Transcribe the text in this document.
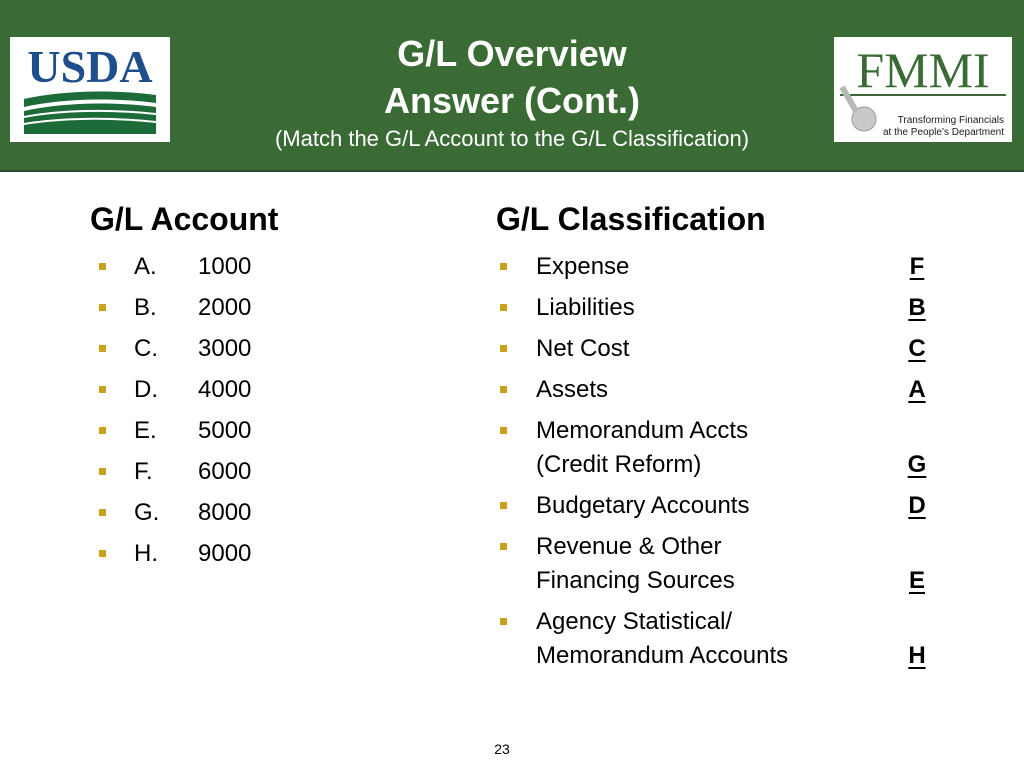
USDA	G/L Overview
Answer (Cont.)
(Match the G/L Account to the G/L Classification)
FMMI
Transforming Financials
at the People’s Department
G/L Account
A. 1000
B. 2000
C. 3000
D. 4000
E. 5000
F. 6000
G. 8000
H. 9000
G/L Classification
Expense	F
Liabilities	B
Net Cost	C
Assets	A
Memorandum Accts
(Credit Reform)	G
Budgetary Accounts	D
Revenue & Other
Financing Sources	E
Agency Statistical/
Memorandum Accounts	H
23
